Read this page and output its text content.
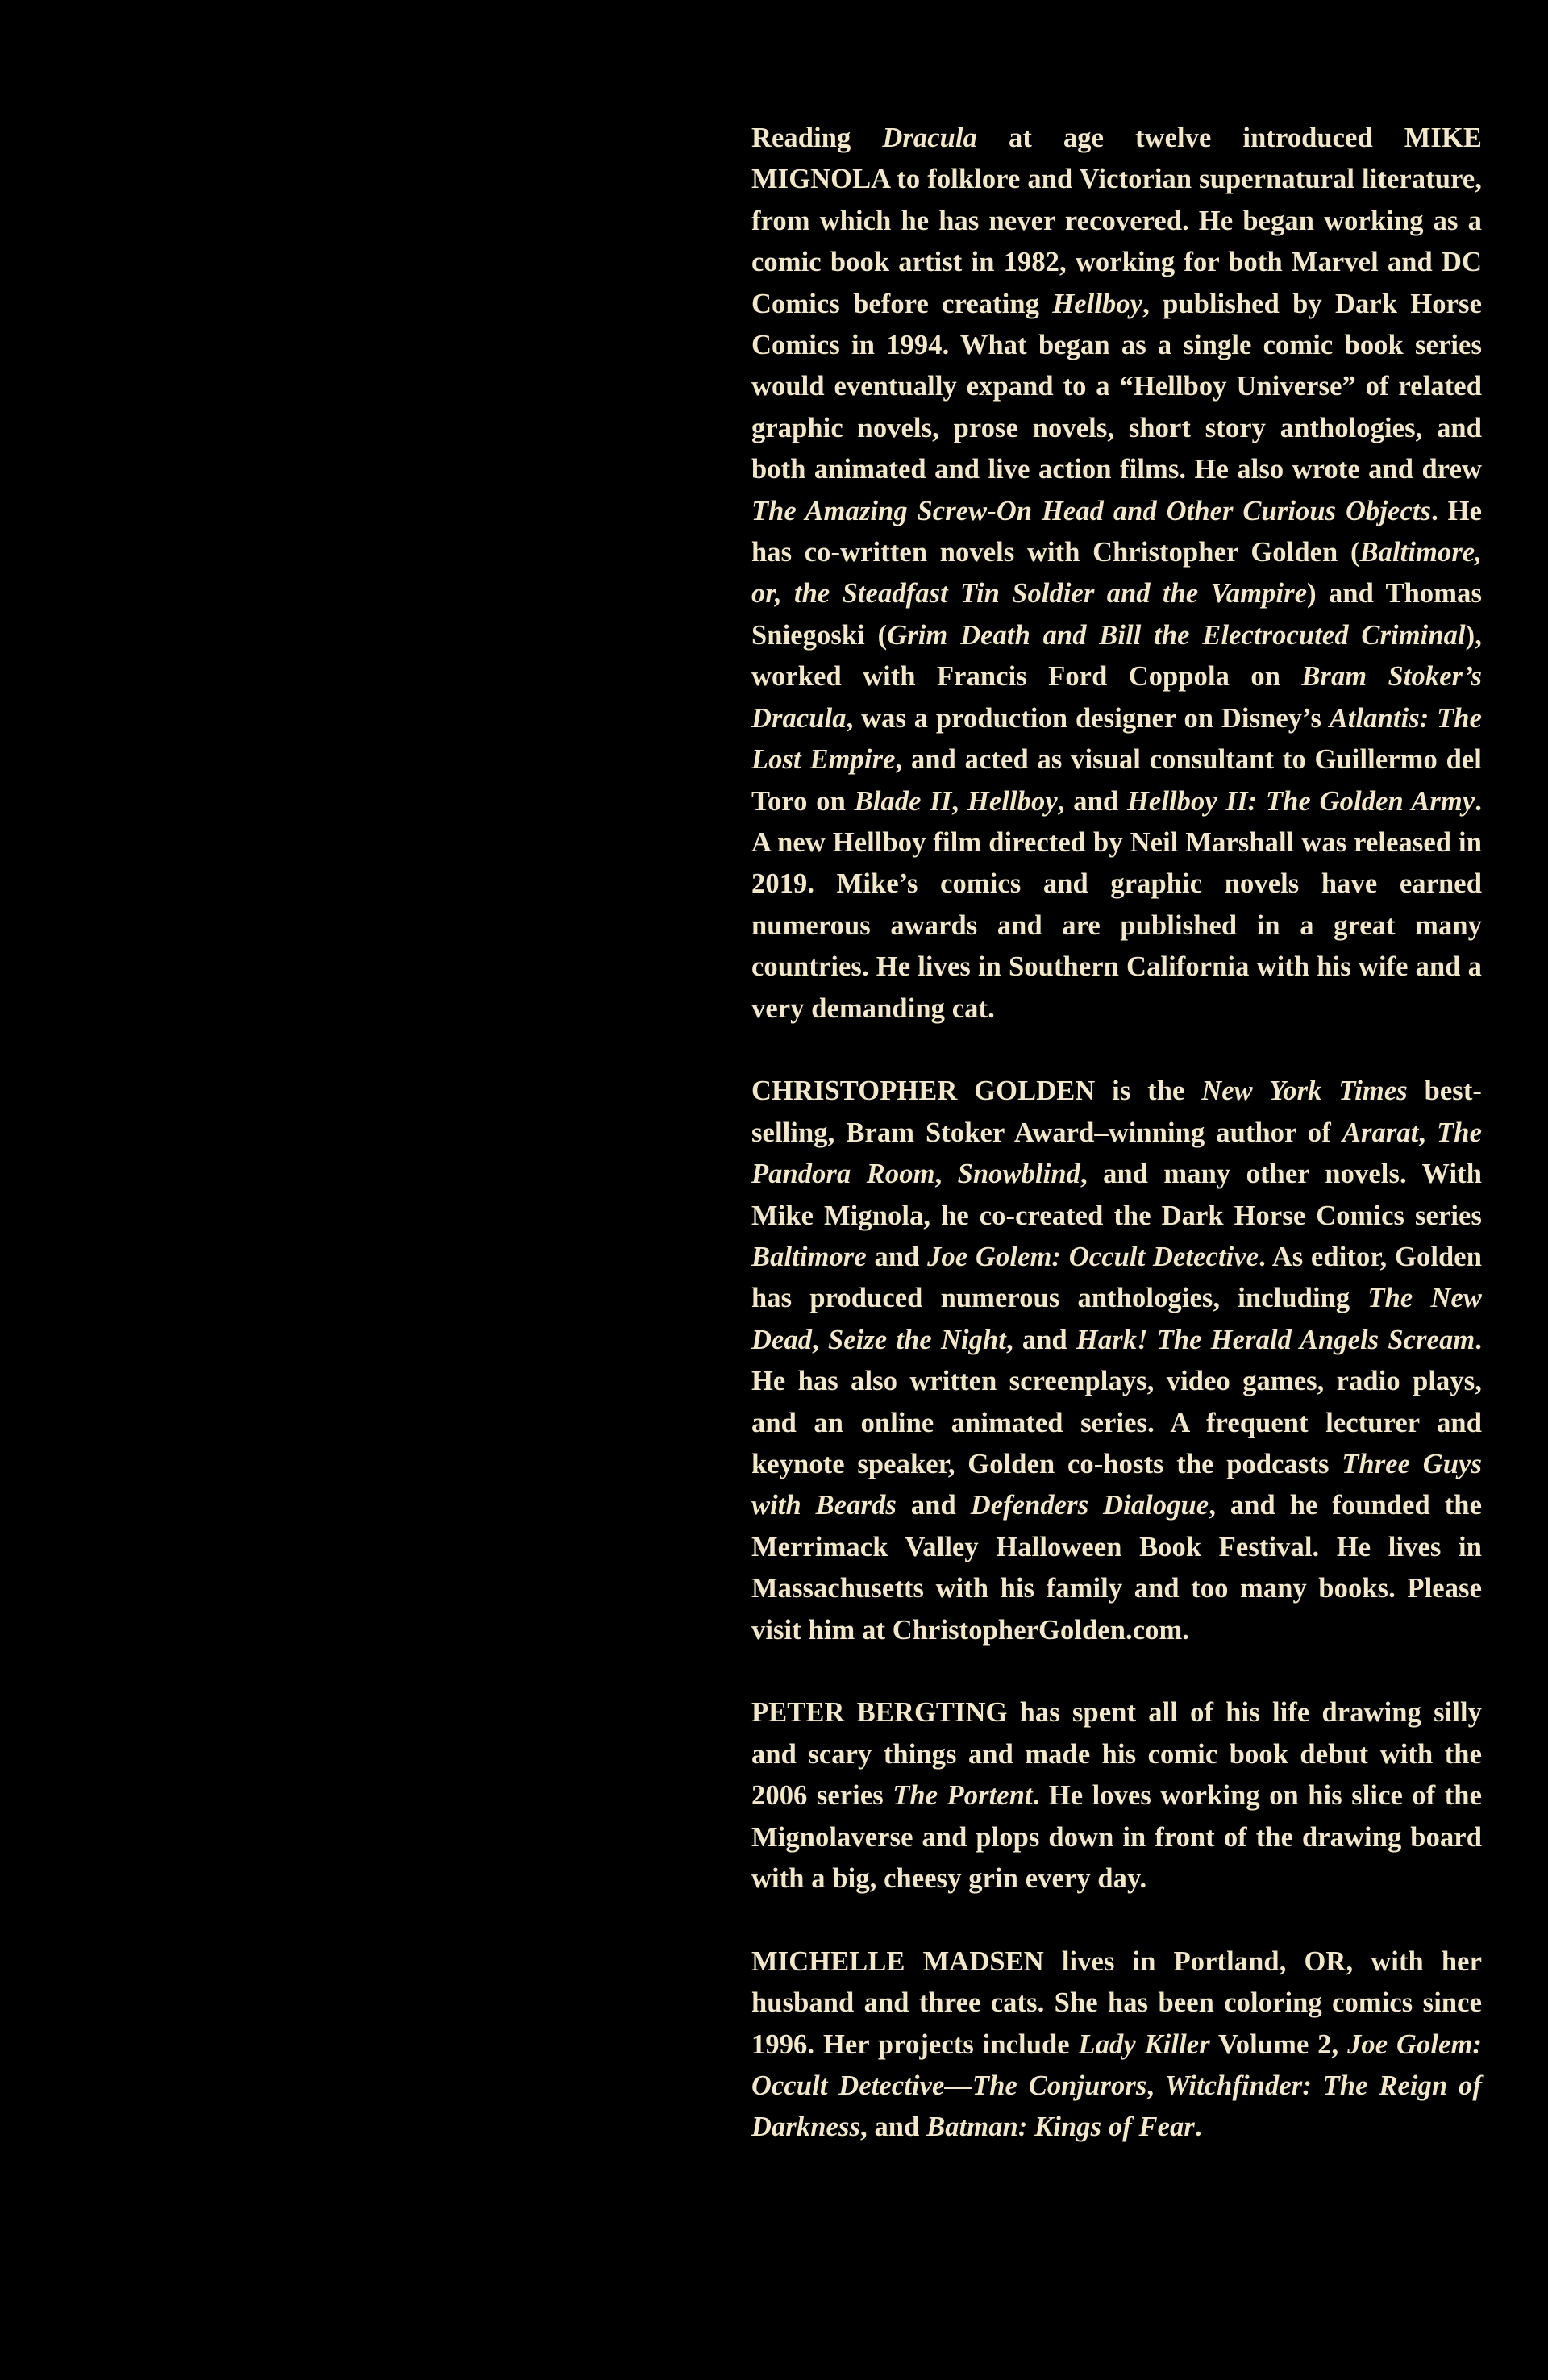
Reading Dracula at age twelve introduced MIKE MIGNOLA to folklore and Victorian supernatural literature, from which he has never recovered. He began working as a comic book artist in 1982, working for both Marvel and DC Comics before creating Hellboy, published by Dark Horse Comics in 1994. What began as a single comic book series would eventually expand to a “Hellboy Universe” of related graphic novels, prose novels, short story anthologies, and both animated and live action films. He also wrote and drew The Amazing Screw-On Head and Other Curious Objects. He has co-written novels with Christopher Golden (Baltimore, or, the Steadfast Tin Soldier and the Vampire) and Thomas Sniegoski (Grim Death and Bill the Electrocuted Criminal), worked with Francis Ford Coppola on Bram Stoker’s Dracula, was a production designer on Disney’s Atlantis: The Lost Empire, and acted as visual consultant to Guillermo del Toro on Blade II, Hellboy, and Hellboy II: The Golden Army. A new Hellboy film directed by Neil Marshall was released in 2019. Mike’s comics and graphic novels have earned numerous awards and are published in a great many countries. He lives in Southern California with his wife and a very demanding cat.

CHRISTOPHER GOLDEN is the New York Times best-selling, Bram Stoker Award–winning author of Ararat, The Pandora Room, Snowblind, and many other novels. With Mike Mignola, he co-created the Dark Horse Comics series Baltimore and Joe Golem: Occult Detective. As editor, Golden has produced numerous anthologies, including The New Dead, Seize the Night, and Hark! The Herald Angels Scream. He has also written screenplays, video games, radio plays, and an online animated series. A frequent lecturer and keynote speaker, Golden co-hosts the podcasts Three Guys with Beards and Defenders Dialogue, and he founded the Merrimack Valley Halloween Book Festival. He lives in Massachusetts with his family and too many books. Please visit him at ChristopherGolden.com.

PETER BERGTING has spent all of his life drawing silly and scary things and made his comic book debut with the 2006 series The Portent. He loves working on his slice of the Mignolaverse and plops down in front of the drawing board with a big, cheesy grin every day.

MICHELLE MADSEN lives in Portland, OR, with her husband and three cats. She has been coloring comics since 1996. Her projects include Lady Killer Volume 2, Joe Golem: Occult Detective—The Conjurors, Witchfinder: The Reign of Darkness, and Batman: Kings of Fear.
